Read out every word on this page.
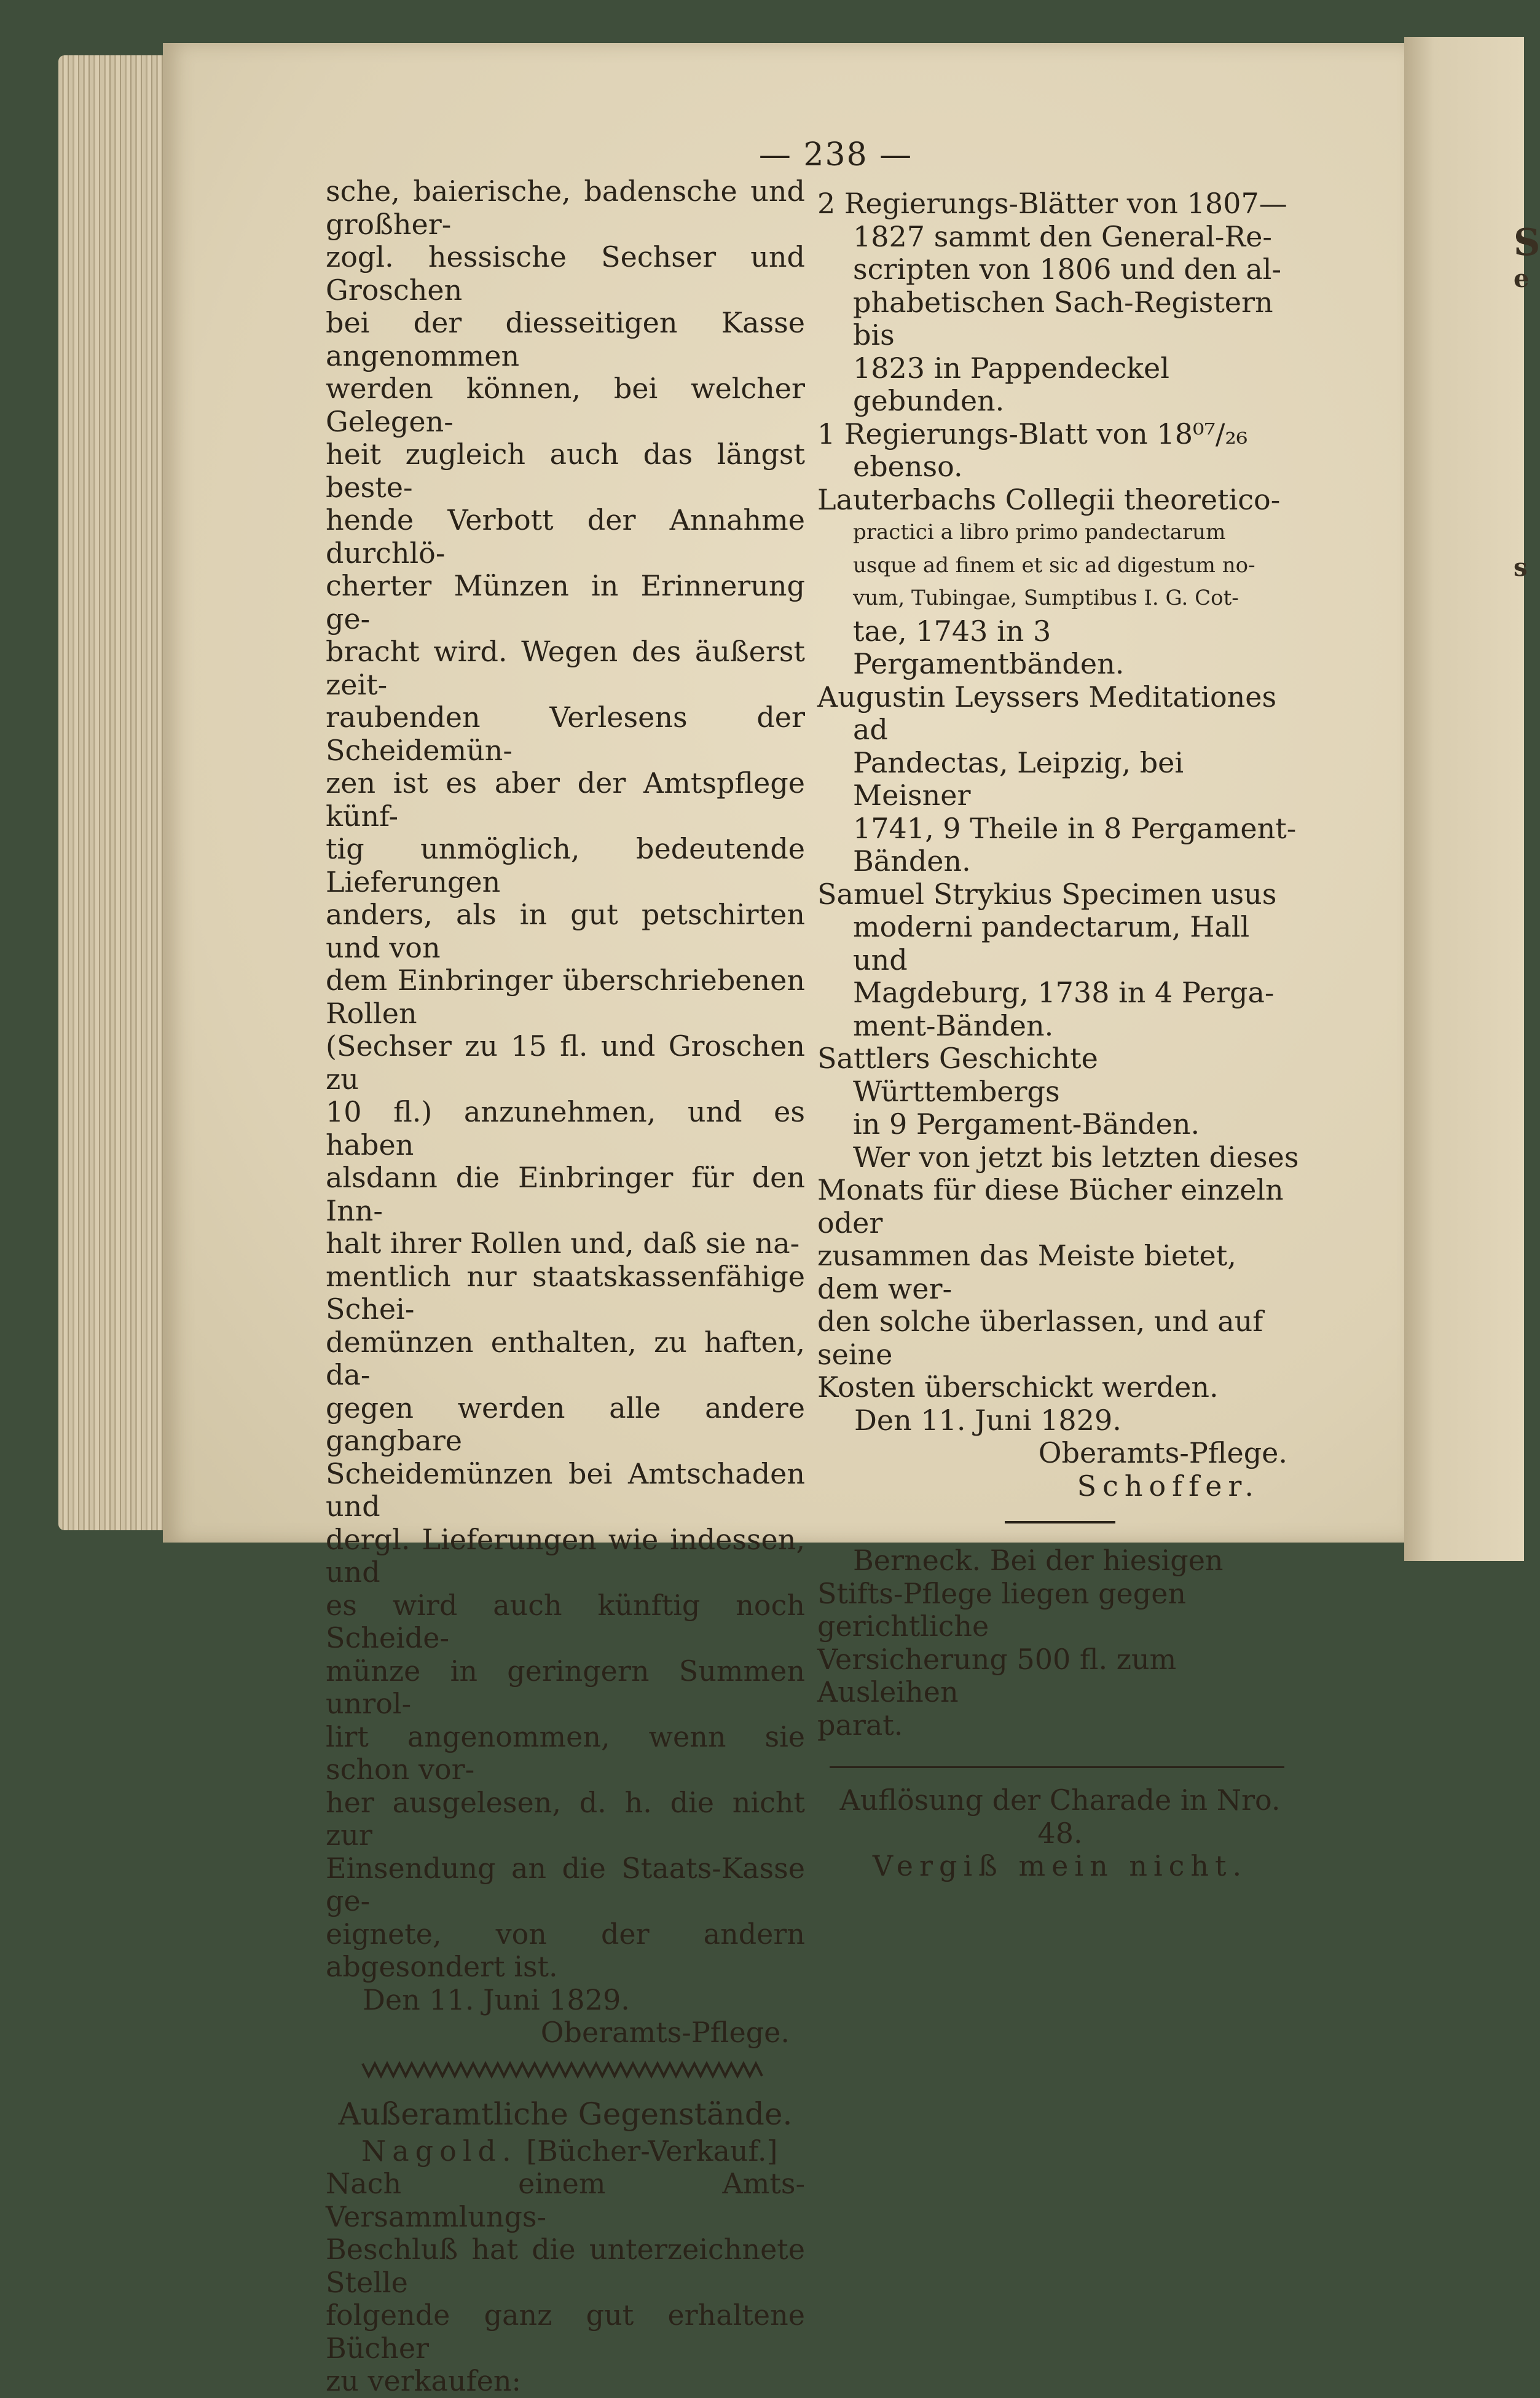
S
e
s
— 238 —

sche, baierische, badensche und großher-

zogl. hessische Sechser und Groschen

bei der diesseitigen Kasse angenommen

werden können, bei welcher Gelegen-

heit zugleich auch das längst beste-

hende Verbott der Annahme durchlö-

cherter Münzen in Erinnerung ge-

bracht wird. Wegen des äußerst zeit-

raubenden Verlesens der Scheidemün-

zen ist es aber der Amtspflege künf-

tig unmöglich, bedeutende Lieferungen

anders, als in gut petschirten und von

dem Einbringer überschriebenen Rollen

(Sechser zu 15 fl. und Groschen zu

10 fl.) anzunehmen, und es haben

alsdann die Einbringer für den Inn-

halt ihrer Rollen und, daß sie na-

mentlich nur staatskassenfähige Schei-

demünzen enthalten, zu haften, da-

gegen werden alle andere gangbare

Scheidemünzen bei Amtschaden und

dergl. Lieferungen wie indessen, und

es wird auch künftig noch Scheide-

münze in geringern Summen unrol-

lirt angenommen, wenn sie schon vor-

her ausgelesen, d. h. die nicht zur

Einsendung an die Staats-Kasse ge-

eignete, von der andern abgesondert ist.

Den 11. Juni 1829.

Oberamts-Pflege.

Außeramtliche Gegenstände.

Nagold. [Bücher-Verkauf.]

Nach einem Amts-Versammlungs-

Beschluß hat die unterzeichnete Stelle

folgende ganz gut erhaltene Bücher

zu verkaufen:

2 Regierungs-Blätter von 1807—

1827 sammt den General-Re-

scripten von 1806 und den al-

phabetischen Sach-Registern bis

1823 in Pappendeckel gebunden.

1 Regierungs-Blatt von 18⁰⁷/₂₆

ebenso.

Lauterbachs Collegii theoretico-

practici a libro primo pandectarum

usque ad finem et sic ad digestum no-

vum, Tubingae, Sumptibus I. G. Cot-

tae, 1743 in 3 Pergamentbänden.

Augustin Leyssers Meditationes ad

Pandectas, Leipzig, bei Meisner

1741, 9 Theile in 8 Pergament-

Bänden.

Samuel Strykius Specimen usus

moderni pandectarum, Hall und

Magdeburg, 1738 in 4 Perga-

ment-Bänden.

Sattlers Geschichte Württembergs

in 9 Pergament-Bänden.

Wer von jetzt bis letzten dieses

Monats für diese Bücher einzeln oder

zusammen das Meiste bietet, dem wer-

den solche überlassen, und auf seine

Kosten überschickt werden.

Den 11. Juni 1829.

Oberamts-Pflege.

Schoffer.

Berneck. Bei der hiesigen

Stifts-Pflege liegen gegen gerichtliche

Versicherung 500 fl. zum Ausleihen

parat.

Auflösung der Charade in Nro. 48.

Vergiß mein nicht.
